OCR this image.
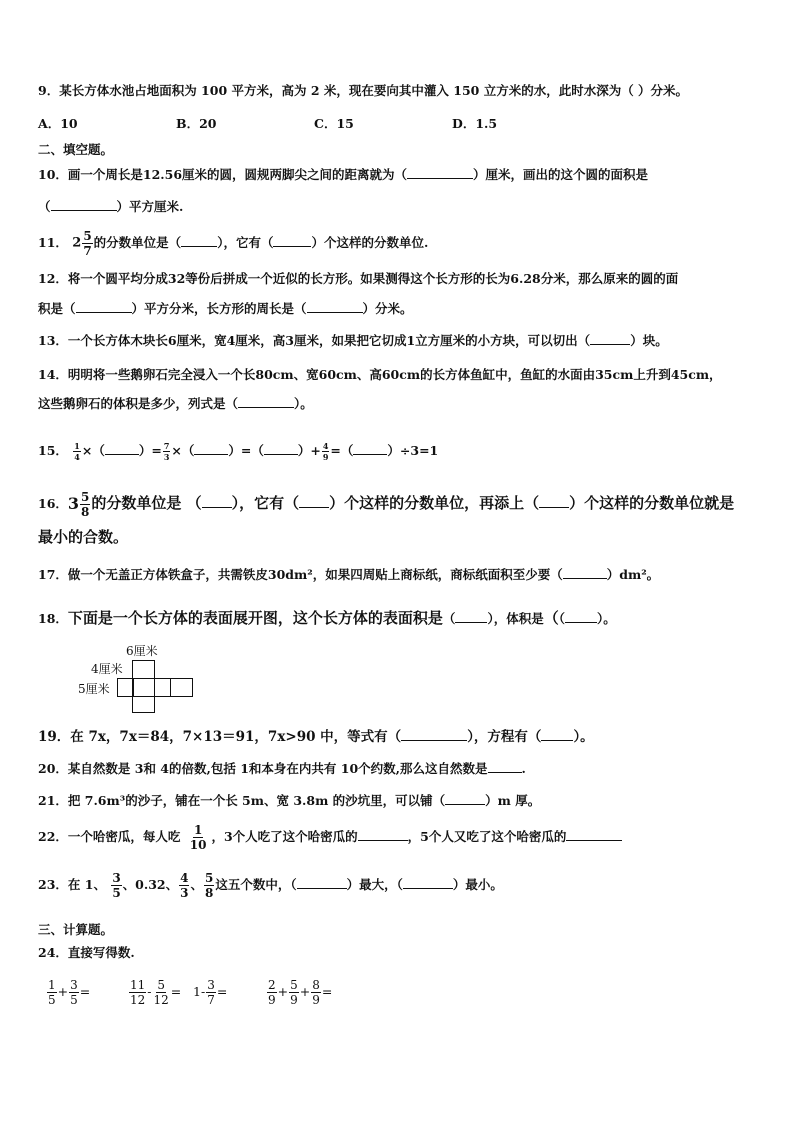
9．某长方体水池占地面积为 100 平方米，高为 2 米，现在要向其中灌入 150 立方米的水，此时水深为（ ）分米。
A．10	B．20	C．15	D．1.5
二、填空题。
10．画一个周长是12.56厘米的圆，圆规两脚尖之间的距离就为（	）厘米，画出的这个圆的面积是
（	）平方厘米.
11． $2 \frac{5}{7}$ 的分数单位是（	），它有（	）个这样的分数单位.
12．将一个圆平均分成32等份后拼成一个近似的长方形。如果测得这个长方形的长为6.28分米，那么原来的圆的面
积是（	）平方分米，长方形的周长是（	）分米。
13．一个长方体木块长6厘米，宽4厘米，高3厘米，如果把它切成1立方厘米的小方块，可以切出（	）块。
14．明明将一些鹅卵石完全浸入一个长80cm、宽60cm、高60cm的长方体鱼缸中，鱼缸的水面由35cm上升到45cm，
这些鹅卵石的体积是多少，列式是（	）。
15． $\frac{1}{4}$ ×（	）= $\frac{7}{3}$ ×（	）=（	）+ $\frac{4}{9}$ =（	）÷3=1
16．$3 \frac{5}{8}$ 的分数单位是 （ ），它有（ ）个这样的分数单位，再添上（ ）个这样的分数单位就是
最小的合数。
17．做一个无盖正方体铁盒子，共需铁皮30dm²，如果四周贴上商标纸，商标纸面积至少要（	）dm²。
18．下面是一个长方体的表面展开图，这个长方体的表面积是（	），体积是（（	）。
6厘米
4厘米
5厘米
19．在 7x，7x＝84，7×13＝91，7x>90 中，等式有（	），方程有（ ）。
20．某自然数是 3和 4的倍数,包括 1和本身在内共有 10个约数,那么这自然数是	.
21．把 7.6m³的沙子，铺在一个长 5m、宽 3.8m 的沙坑里，可以铺（	）m 厚。
22．一个哈密瓜，每人吃 $\frac{1}{10}$ ，3个人吃了这个哈密瓜的	，5个人又吃了这个哈密瓜的
23．在 1、 $\frac{3}{5}$ 、0.32、 $\frac{4}{3}$ 、 $\frac{5}{8}$ 这五个数中，（	）最大，（	）最小。
三、计算题。
24．直接写得数.
$\frac{1}{5} + \frac{3}{5}$ =	$\frac{11}{12} - \frac{5}{12} = 1- \frac{3}{7}$ =	$\frac{2}{9} + \frac{5}{9} + \frac{8}{9}$ =
